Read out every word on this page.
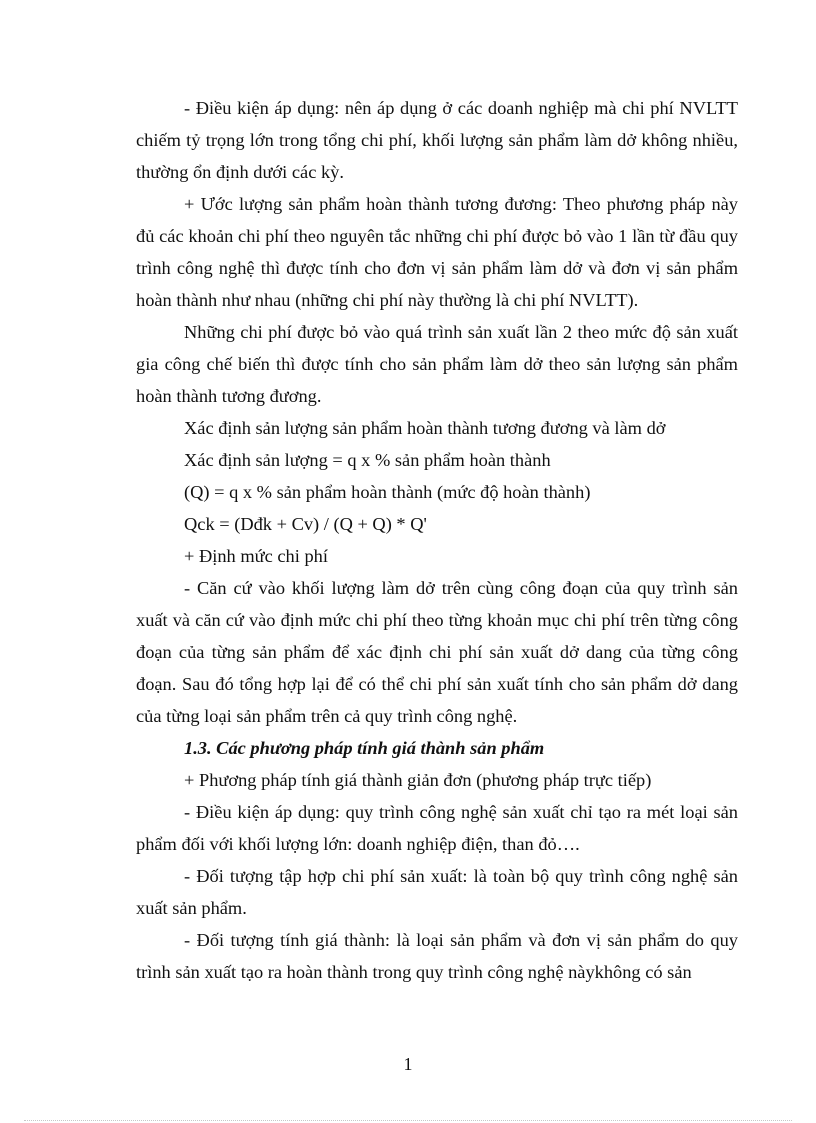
- Điều kiện áp dụng: nên áp dụng ở các doanh nghiệp mà chi phí NVLTT chiếm tỷ trọng lớn trong tổng chi phí, khối lượng sản phẩm làm dở không nhiều, thường ổn định dưới các kỳ.

+ Ước lượng sản phẩm hoàn thành tương đương: Theo phương pháp này đủ các khoản chi phí theo nguyên tắc những chi phí được bỏ vào 1 lần từ đầu quy trình công nghệ thì được tính cho đơn vị sản phẩm làm dở và đơn vị sản phẩm hoàn thành như nhau (những chi phí này thường là chi phí NVLTT).

Những chi phí được bỏ vào quá trình sản xuất lần 2 theo mức độ sản xuất gia công chế biến thì được tính cho sản phẩm làm dở theo sản lượng sản phẩm hoàn thành tương đương.

Xác định sản lượng sản phẩm hoàn thành tương đương và làm dở

Xác định sản lượng = q x % sản phẩm hoàn thành

(Q) = q x % sản phẩm hoàn thành (mức độ hoàn thành)

Qck = (Dđk + Cv) / (Q + Q) * Q'

+ Định mức chi phí

- Căn cứ vào khối lượng làm dở trên cùng công đoạn của quy trình sản xuất và căn cứ vào định mức chi phí theo từng khoản mục chi phí trên từng công đoạn của từng sản phẩm để xác định chi phí sản xuất dở dang của từng công đoạn. Sau đó tổng hợp lại để có thể chi phí sản xuất tính cho sản phẩm dở dang của từng loại sản phẩm trên cả quy trình công nghệ.

1.3. Các phương pháp tính giá thành sản phẩm

+ Phương pháp tính giá thành giản đơn (phương pháp trực tiếp)

- Điều kiện áp dụng: quy trình công nghệ sản xuất chỉ tạo ra mét loại sản phẩm đối với khối lượng lớn: doanh nghiệp điện, than đỏ….

- Đối tượng tập hợp chi phí sản xuất: là toàn bộ quy trình công nghệ sản xuất sản phẩm.

- Đối tượng tính giá thành: là loại sản phẩm và đơn vị sản phẩm do quy trình sản xuất tạo ra hoàn thành trong quy trình công nghệ nàykhông có sản

1
